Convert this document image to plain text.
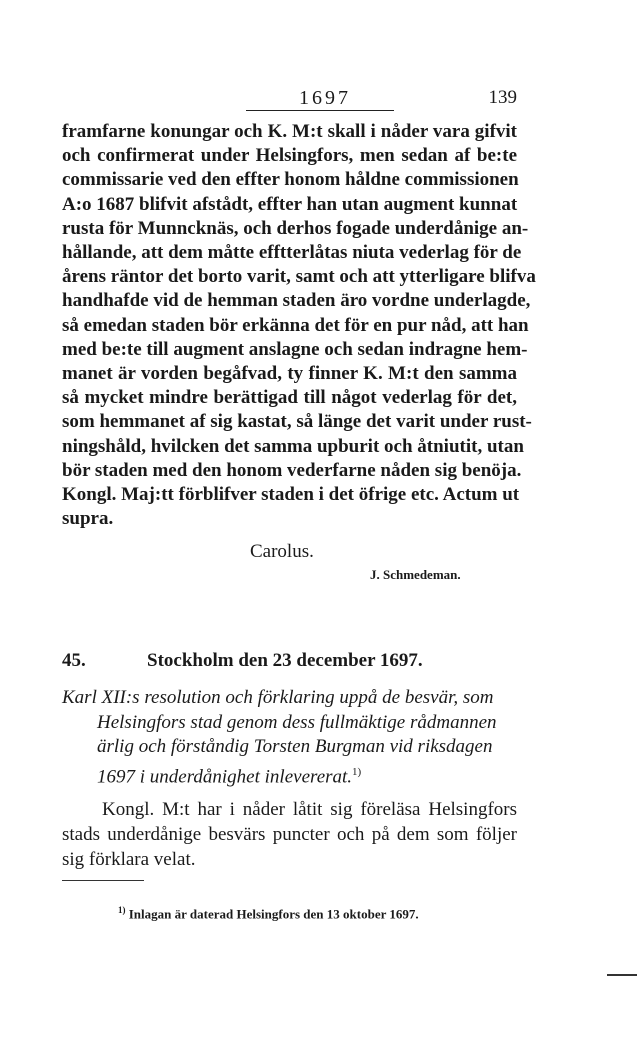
1697	139
framfarne konungar och K. M:t skall i nåder vara gifvit
och confirmerat under Helsingfors, men sedan af be:te
commissarie ved den effter honom håldne commissionen
A:o 1687 blifvit afstådt, effter han utan augment kunnat
rusta för Munncknäs, och derhos fogade underdånige an-
hållande, att dem måtte efftterlåtas niuta vederlag för de
årens räntor det borto varit, samt och att ytterligare blifva
handhafde vid de hemman staden äro vordne underlagde,
så emedan staden bör erkänna det för en pur nåd, att han
med be:te till augment anslagne och sedan indragne hem-
manet är vorden begåfvad, ty finner K. M:t den samma
så mycket mindre berättigad till något vederlag för det,
som hemmanet af sig kastat, så länge det varit under rust-
ningshåld, hvilcken det samma upburit och åtniutit, utan
bör staden med den honom vederfarne nåden sig benöja.
Kongl. Maj:tt förblifver staden i det öfrige etc. Actum ut
supra.
Carolus.
J. Schmedeman.
45.	Stockholm den 23 december 1697.
Karl XII:s resolution och förklaring uppå de besvär, som
Helsingfors stad genom dess fullmäktige rådmannen
ärlig och förståndig Torsten Burgman vid riksdagen
1697 i underdånighet inlevererat.$^{1)}$
Kongl. M:t har i nåder låtit sig föreläsa Helsingfors
stads underdånige besvärs puncter och på dem som följer
sig förklara velat.
$^{1)}$ Inlagan är daterad Helsingfors den 13 oktober 1697.
